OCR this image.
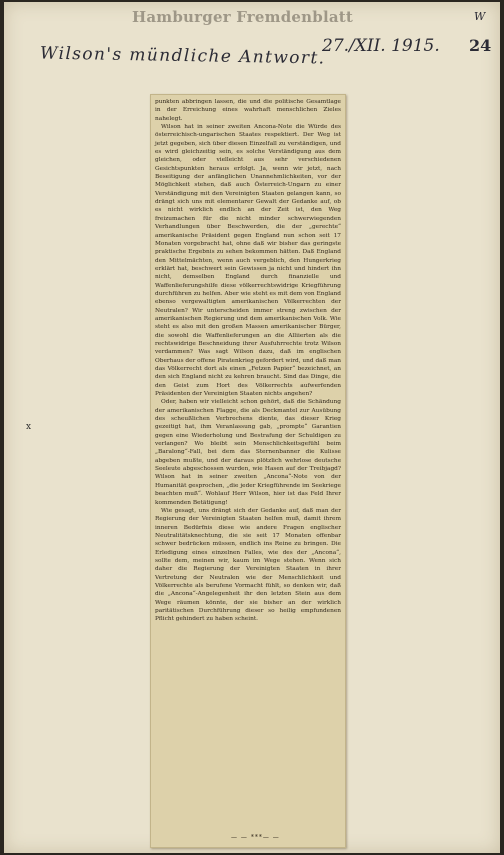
Hamburger Fremdenblatt	W
24
27./XII. 1915.
Wilson's mündliche Antwort.
x

punkten abbringen lassen, die und die politische Gesamtlage in der Erreichung eines wahrhaft menschlichen Zieles nahelegt.

Wilson hat in seiner zweiten Ancona-Note die Würde des österreichisch-ungarischen Staates respektiert. Der Weg ist jetzt gegeben, sich über diesen Einzelfall zu verständigen, und es wird gleichzeitig sein, es solche Verständigung aus dem gleichen, oder vielleicht aus sehr verschiedenen Gesichtspunkten heraus erfolgt. Ja, wenn wir jetzt, nach Beseitigung der anfänglichen Unannehmlichkeiten, vor der Möglichkeit stehen, daß auch Österreich-Ungarn zu einer Verständigung mit den Vereinigten Staaten gelangen kann, so drängt sich uns mit elementarer Gewalt der Gedanke auf, ob es nicht wirklich endlich an der Zeit ist, den Weg freizumachen für die nicht minder schwerwiegenden Verhandlungen über Beschwerden, die der „gerechte“ amerikanische Präsident gegen England nun schon seit 17 Monaten vorgebracht hat, ohne daß wir bisher das geringste praktische Ergebnis zu sehen bekommen hätten. Daß England den Mittelmächten, wenn auch vergeblich, den Hungerkrieg erklärt hat, beschwert sein Gewissen ja nicht und hindert ihn nicht, demselben England durch finanzielle und Waffenlieferungshilfe diese völkerrechtswidrige Kriegführung durchführen zu helfen. Aber wie steht es mit dem von England ebenso vergewaltigten amerikanischen Völkerrechten der Neutralen? Wir unterscheiden immer streng zwischen der amerikanischen Regierung und dem amerikanischen Volk. Wie steht es also mit den großen Massen amerikanischer Bürger, die sowohl die Waffenlieferungen an die Alliierten als die rechtswidrige Beschneidung ihrer Ausfuhrrechte trotz Wilson verdammen? Was sagt Wilson dazu, daß im englischen Oberhaus der offene Piratenkrieg gefordert wird, und daß man das Völkerrecht dort als einen „Fetzen Papier“ bezeichnet, an den sich England nicht zu kehren braucht. Sind das Dinge, die den Geist zum Hort des Völkerrechts aufwerfenden Präsidenten der Vereinigten Staaten nichts angehen?

Oder, haben wir vielleicht schon gehört, daß die Schändung der amerikanischen Flagge, die als Deckmantel zur Ausübung des scheußlichen Verbrechens diente, das dieser Krieg gezeitigt hat, ihm Veranlassung gab, „prompte“ Garantien gegen eine Wiederholung und Bestrafung der Schuldigen zu verlangen? Wo bleibt sein Menschlichkeitsgefühl beim „Baralong“-Fall, bei dem das Sternenbanner die Kulisse abgeben mußte, und der daraus plötzlich wehrlose deutsche Seeleute abgeschossen wurden, wie Hasen auf der Treibjagd? Wilson hat in seiner zweiten „Ancona“-Note von der Humanität gesprochen, „die jeder Kriegführende im Seekriege beachten muß“. Wohlauf Herr Wilson, hier ist das Feld Ihrer kommenden Betätigung!

Wie gesagt, uns drängt sich der Gedanke auf, daß man der Regierung der Vereinigten Staaten helfen muß, damit ihrem inneren Bedürfnis diese wie andere Fragen englischer Neutralitätsknechtung, die sie seit 17 Monaten offenbar schwer bedrücken müssen, endlich ins Reine zu bringen. Die Erledigung eines einzelnen Falles, wie des der „Ancona“, sollte dem, meinen wir, kaum im Wege stehen. Wenn sich daher die Regierung der Vereinigten Staaten in ihrer Vertretung der Neutralen wie der Menschlichkeit und Völkerrechte als berufene Vormacht fühlt, so denken wir, daß die „Ancona“-Angelegenheit ihr den letzten Stein aus dem Wege räumen könnte, der sie bisher an der wirklich paritätischen Durchführung dieser so heilig empfundenen Pflicht gehindert zu haben scheint.

— — ***— —
